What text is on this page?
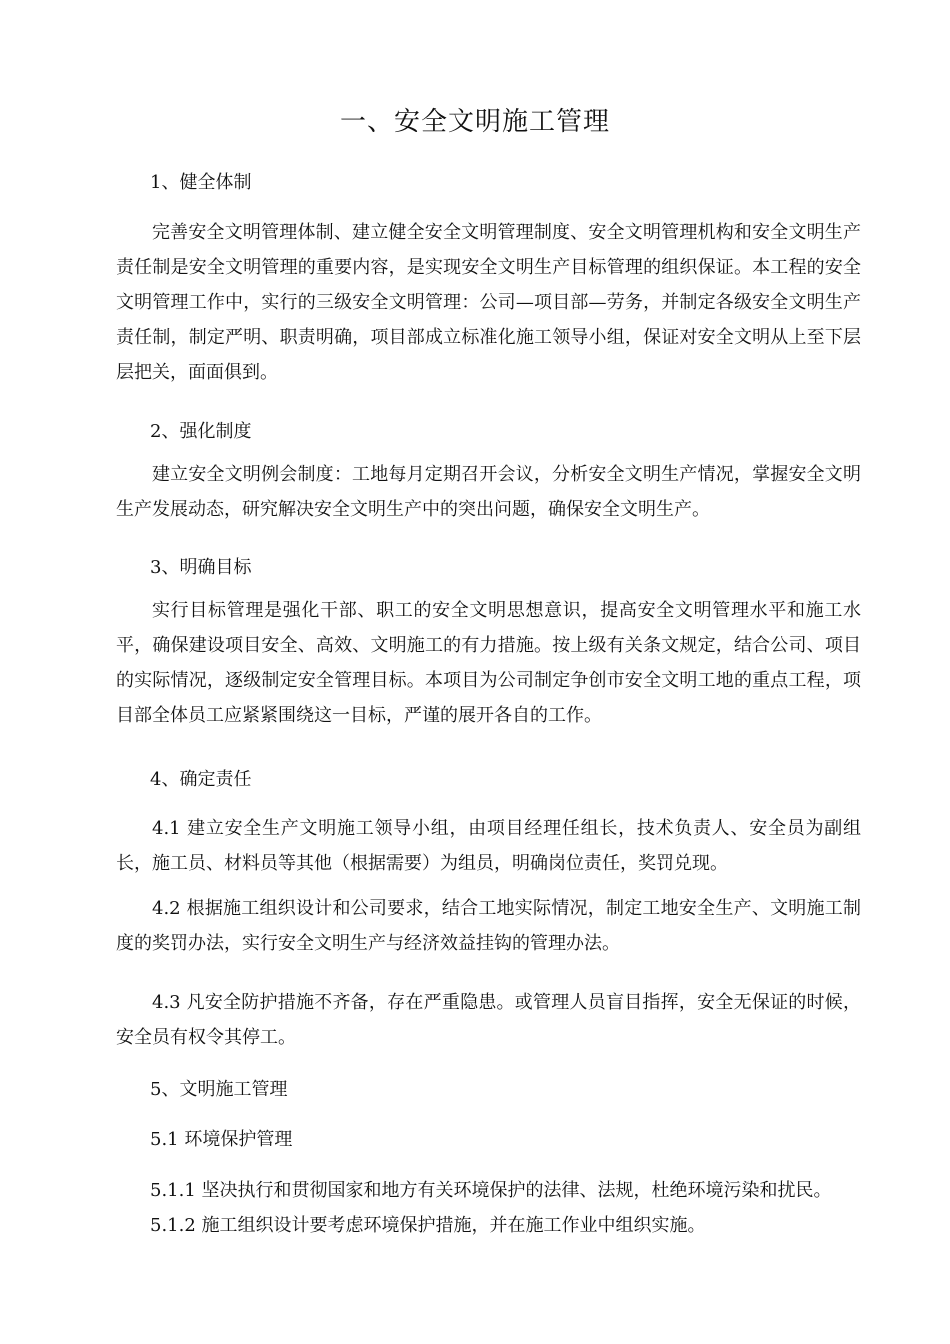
一、安全文明施工管理
1、健全体制
完善安全文明管理体制、建立健全安全文明管理制度、安全文明管理机构和安全文明生产责任制是安全文明管理的重要内容，是实现安全文明生产目标管理的组织保证。本工程的安全文明管理工作中，实行的三级安全文明管理：公司—项目部—劳务，并制定各级安全文明生产责任制，制定严明、职责明确，项目部成立标准化施工领导小组，保证对安全文明从上至下层层把关，面面俱到。
2、强化制度
建立安全文明例会制度：工地每月定期召开会议，分析安全文明生产情况，掌握安全文明生产发展动态，研究解决安全文明生产中的突出问题，确保安全文明生产。
3、明确目标
实行目标管理是强化干部、职工的安全文明思想意识，提高安全文明管理水平和施工水平，确保建设项目安全、高效、文明施工的有力措施。按上级有关条文规定，结合公司、项目的实际情况，逐级制定安全管理目标。本项目为公司制定争创市安全文明工地的重点工程，项目部全体员工应紧紧围绕这一目标，严谨的展开各自的工作。
4、确定责任
4.1 建立安全生产文明施工领导小组，由项目经理任组长，技术负责人、安全员为副组长，施工员、材料员等其他（根据需要）为组员，明确岗位责任，奖罚兑现。
4.2 根据施工组织设计和公司要求，结合工地实际情况，制定工地安全生产、文明施工制度的奖罚办法，实行安全文明生产与经济效益挂钩的管理办法。
4.3 凡安全防护措施不齐备，存在严重隐患。或管理人员盲目指挥，安全无保证的时候，安全员有权令其停工。
5、文明施工管理
5.1 环境保护管理
5.1.1 坚决执行和贯彻国家和地方有关环境保护的法律、法规，杜绝环境污染和扰民。
5.1.2 施工组织设计要考虑环境保护措施，并在施工作业中组织实施。
